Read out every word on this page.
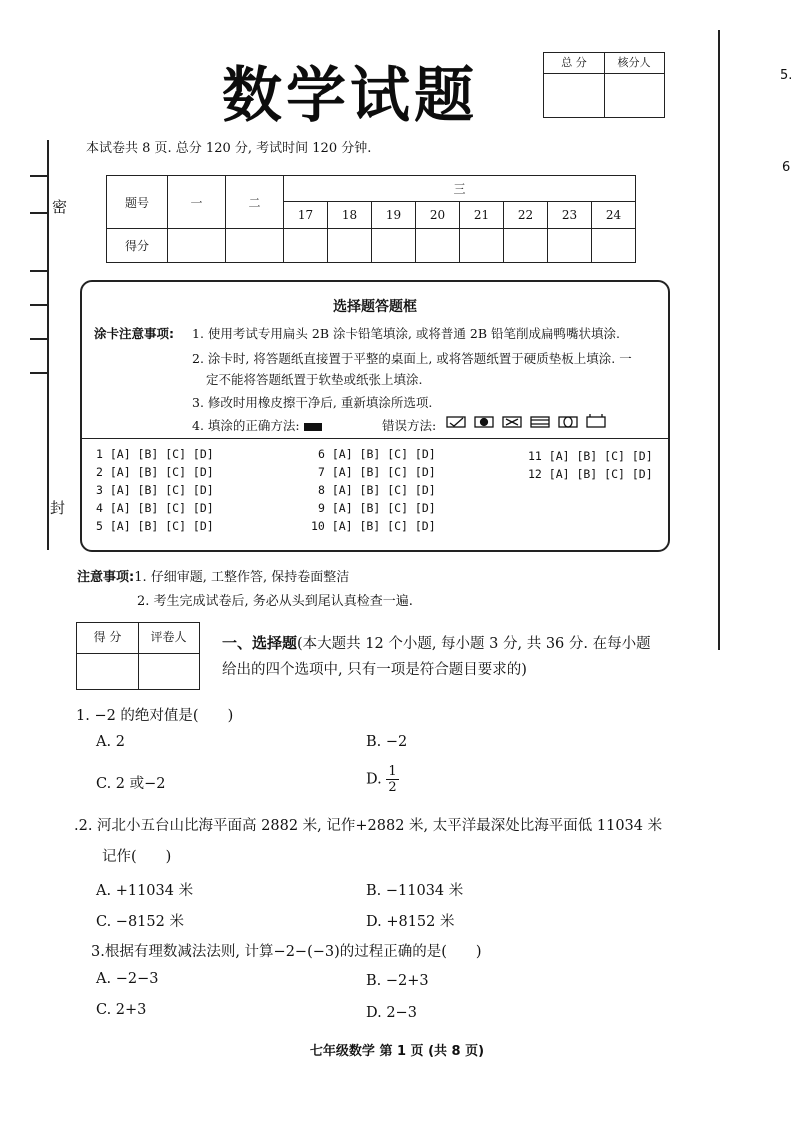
数学试题	总 分	核分人
密
封
5.
6
本试卷共 8 页. 总分 120 分, 考试时间 120 分钟.
题号	一	二	三							
			17	18	19	20	21	22	23	24
得分										
选择题答题框
涂卡注意事项: 1. 使用考试专用扁头 2B 涂卡铅笔填涂, 或将普通 2B 铅笔削成扁鸭嘴状填涂.
2. 涂卡时, 将答题纸直接置于平整的桌面上, 或将答题纸置于硬质垫板上填涂. 一
定不能将答题纸置于软垫或纸张上填涂.
3. 修改时用橡皮擦干净后, 重新填涂所选项.
4. 填涂的正确方法:	错误方法:
1 [A] [B] [C] [D]
2 [A] [B] [C] [D]
3 [A] [B] [C] [D]
4 [A] [B] [C] [D]
5 [A] [B] [C] [D]
6 [A] [B] [C] [D]
7 [A] [B] [C] [D]
8 [A] [B] [C] [D]
9 [A] [B] [C] [D]
10 [A] [B] [C] [D]
11 [A] [B] [C] [D]
12 [A] [B] [C] [D]
注意事项:1. 仔细审题, 工整作答, 保持卷面整洁
2. 考生完成试卷后, 务必从头到尾认真检查一遍.
得 分	评卷人	一、选择题(本大题共 12 个小题, 每小题 3 分, 共 36 分. 在每小题
给出的四个选项中, 只有一项是符合题目要求的)
1. −2 的绝对值是(　　)
A. 2	B. −2
C. 2 或−2	D. $\frac{1}{2}$
.2. 河北小五台山比海平面高 2882 米, 记作+2882 米, 太平洋最深处比海平面低 11034 米
记作(　　)
A. +11034 米	B. −11034 米
C. −8152 米	D. +8152 米
3.根据有理数减法法则, 计算−2−(−3)的过程正确的是(　　)
A. −2−3	B. −2+3
C. 2+3	D. 2−3
七年级数学 第 1 页 (共 8 页)
